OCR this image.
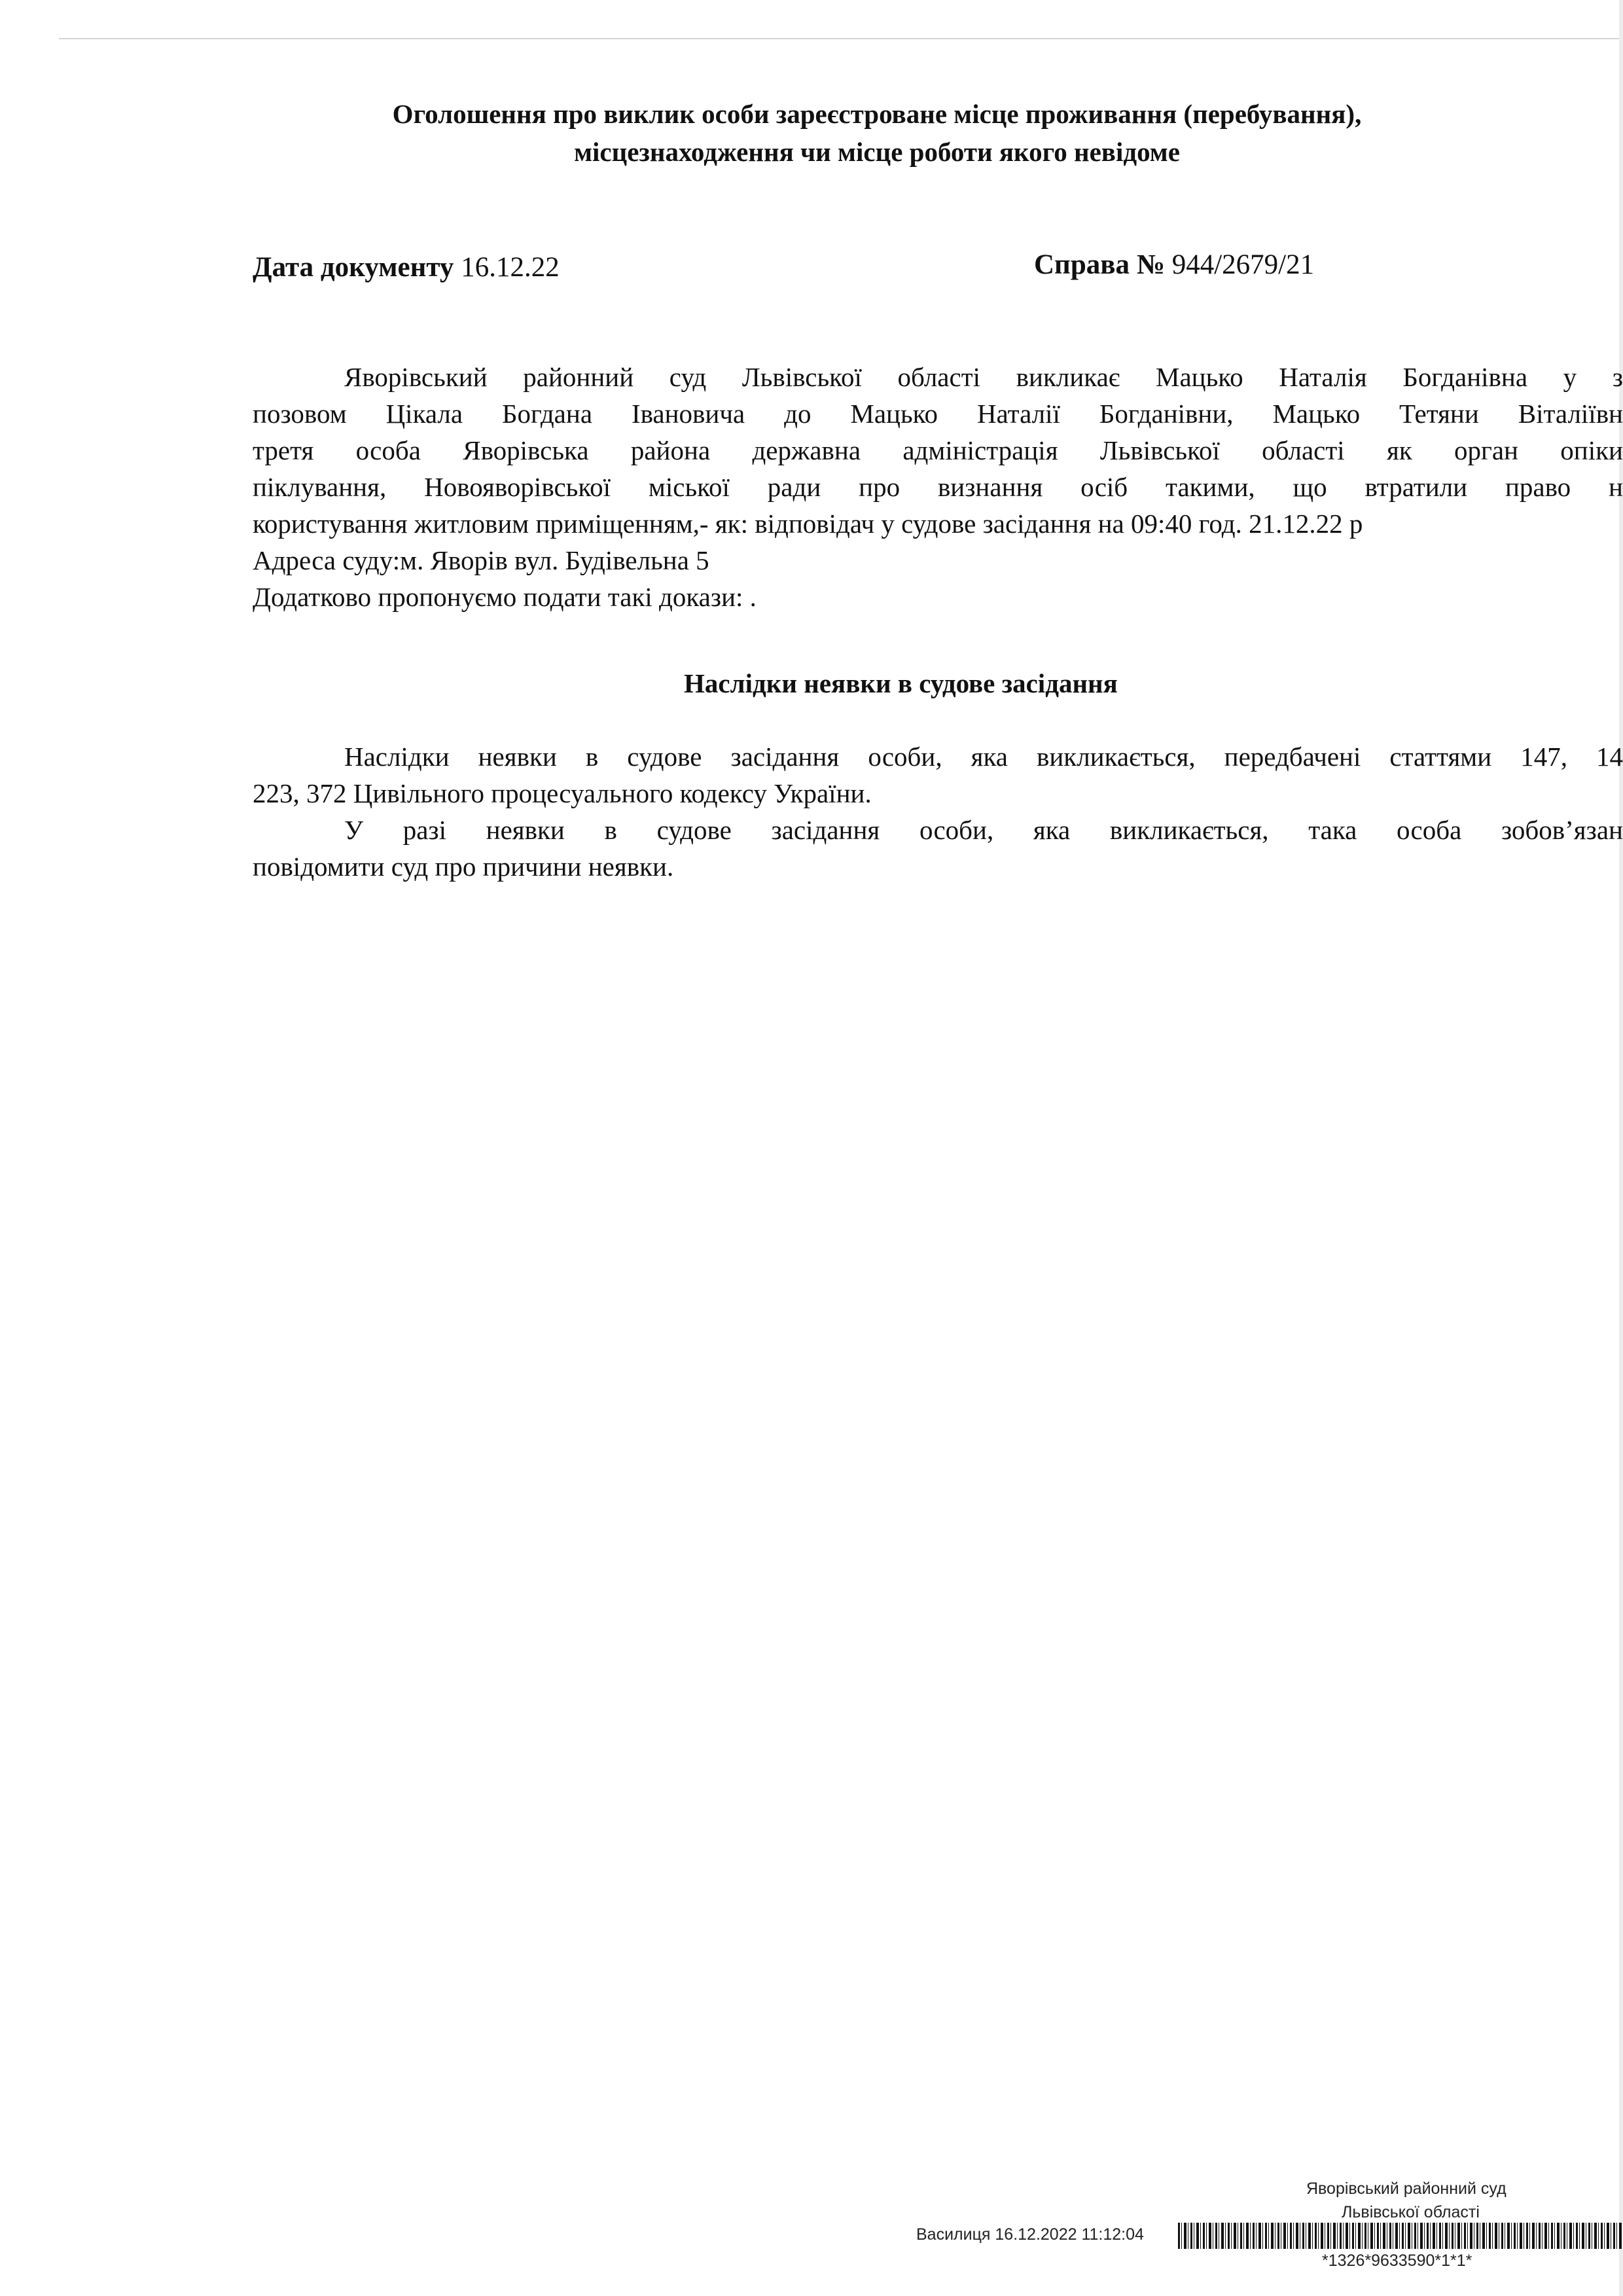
Оголошення про виклик особи зареєстроване місце проживання (перебування),
місцезнаходження чи місце роботи якого невідоме
Дата документу 16.12.22	Справа № 944/2679/21
Яворівський районний суд Львівської області викликає Мацько Наталія Богданівна у з
позовом Цікала Богдана Івановича до Мацько Наталії Богданівни, Мацько Тетяни Віталіївн
третя особа Яворівська района державна адміністрація Львівської області як орган опіки
піклування, Новояворівської міської ради про визнання осіб такими, що втратили право н
користування житловим приміщенням,- як: відповідач у судове засідання на 09:40 год. 21.12.22 р
Адреса суду:м. Яворів вул. Будівельна 5
Додатково пропонуємо подати такі докази: .
Наслідки неявки в судове засідання
Наслідки неявки в судове засідання особи, яка викликається, передбачені статтями 147, 14
223, 372 Цивільного процесуального кодексу України.
У разі неявки в судове засідання особи, яка викликається, така особа зобов’язан
повідомити суд про причини неявки.
Яворівський районний суд
Львівської області
Василиця 16.12.2022 11:12:04
*1326*9633590*1*1*
